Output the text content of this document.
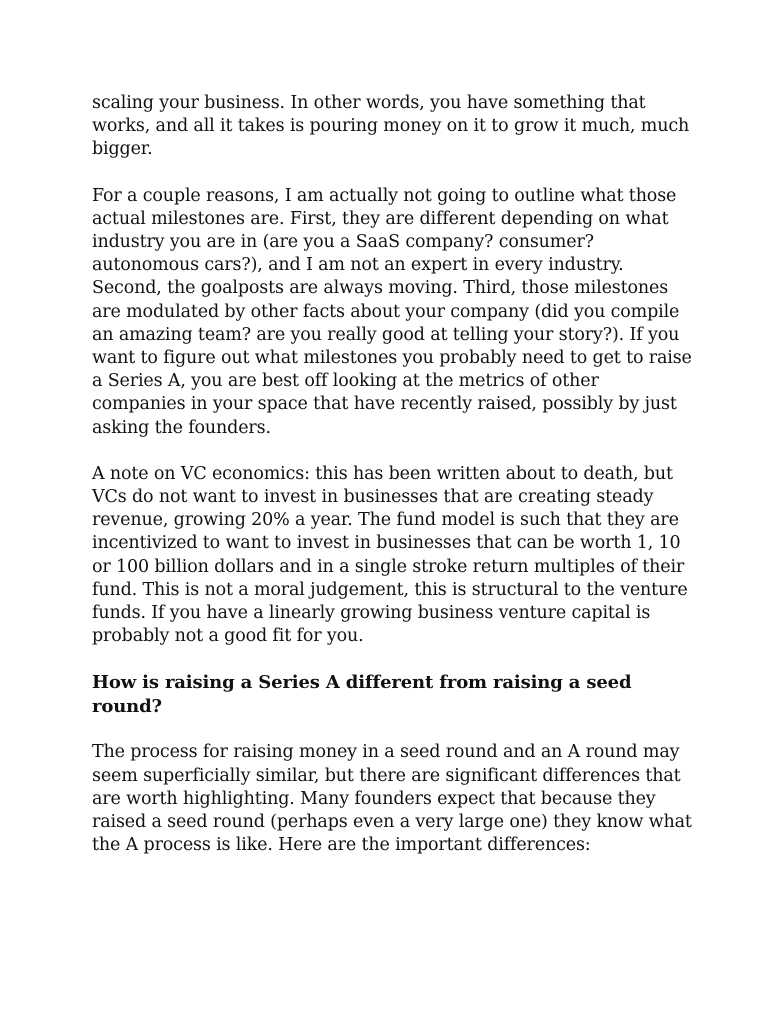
scaling your business. In other words, you have something that works, and all it takes is pouring money on it to grow it much, much bigger.

For a couple reasons, I am actually not going to outline what those actual milestones are. First, they are different depending on what industry you are in (are you a SaaS company? consumer? autonomous cars?), and I am not an expert in every industry. Second, the goalposts are always moving. Third, those milestones are modulated by other facts about your company (did you compile an amazing team? are you really good at telling your story?). If you want to figure out what milestones you probably need to get to raise a Series A, you are best off looking at the metrics of other companies in your space that have recently raised, possibly by just asking the founders.

A note on VC economics: this has been written about to death, but VCs do not want to invest in businesses that are creating steady revenue, growing 20% a year. The fund model is such that they are incentivized to want to invest in businesses that can be worth 1, 10 or 100 billion dollars and in a single stroke return multiples of their fund. This is not a moral judgement, this is structural to the venture funds. If you have a linearly growing business venture capital is probably not a good fit for you.

How is raising a Series A different from raising a seed round?

The process for raising money in a seed round and an A round may seem superficially similar, but there are significant differences that are worth highlighting. Many founders expect that because they raised a seed round (perhaps even a very large one) they know what the A process is like. Here are the important differences:
